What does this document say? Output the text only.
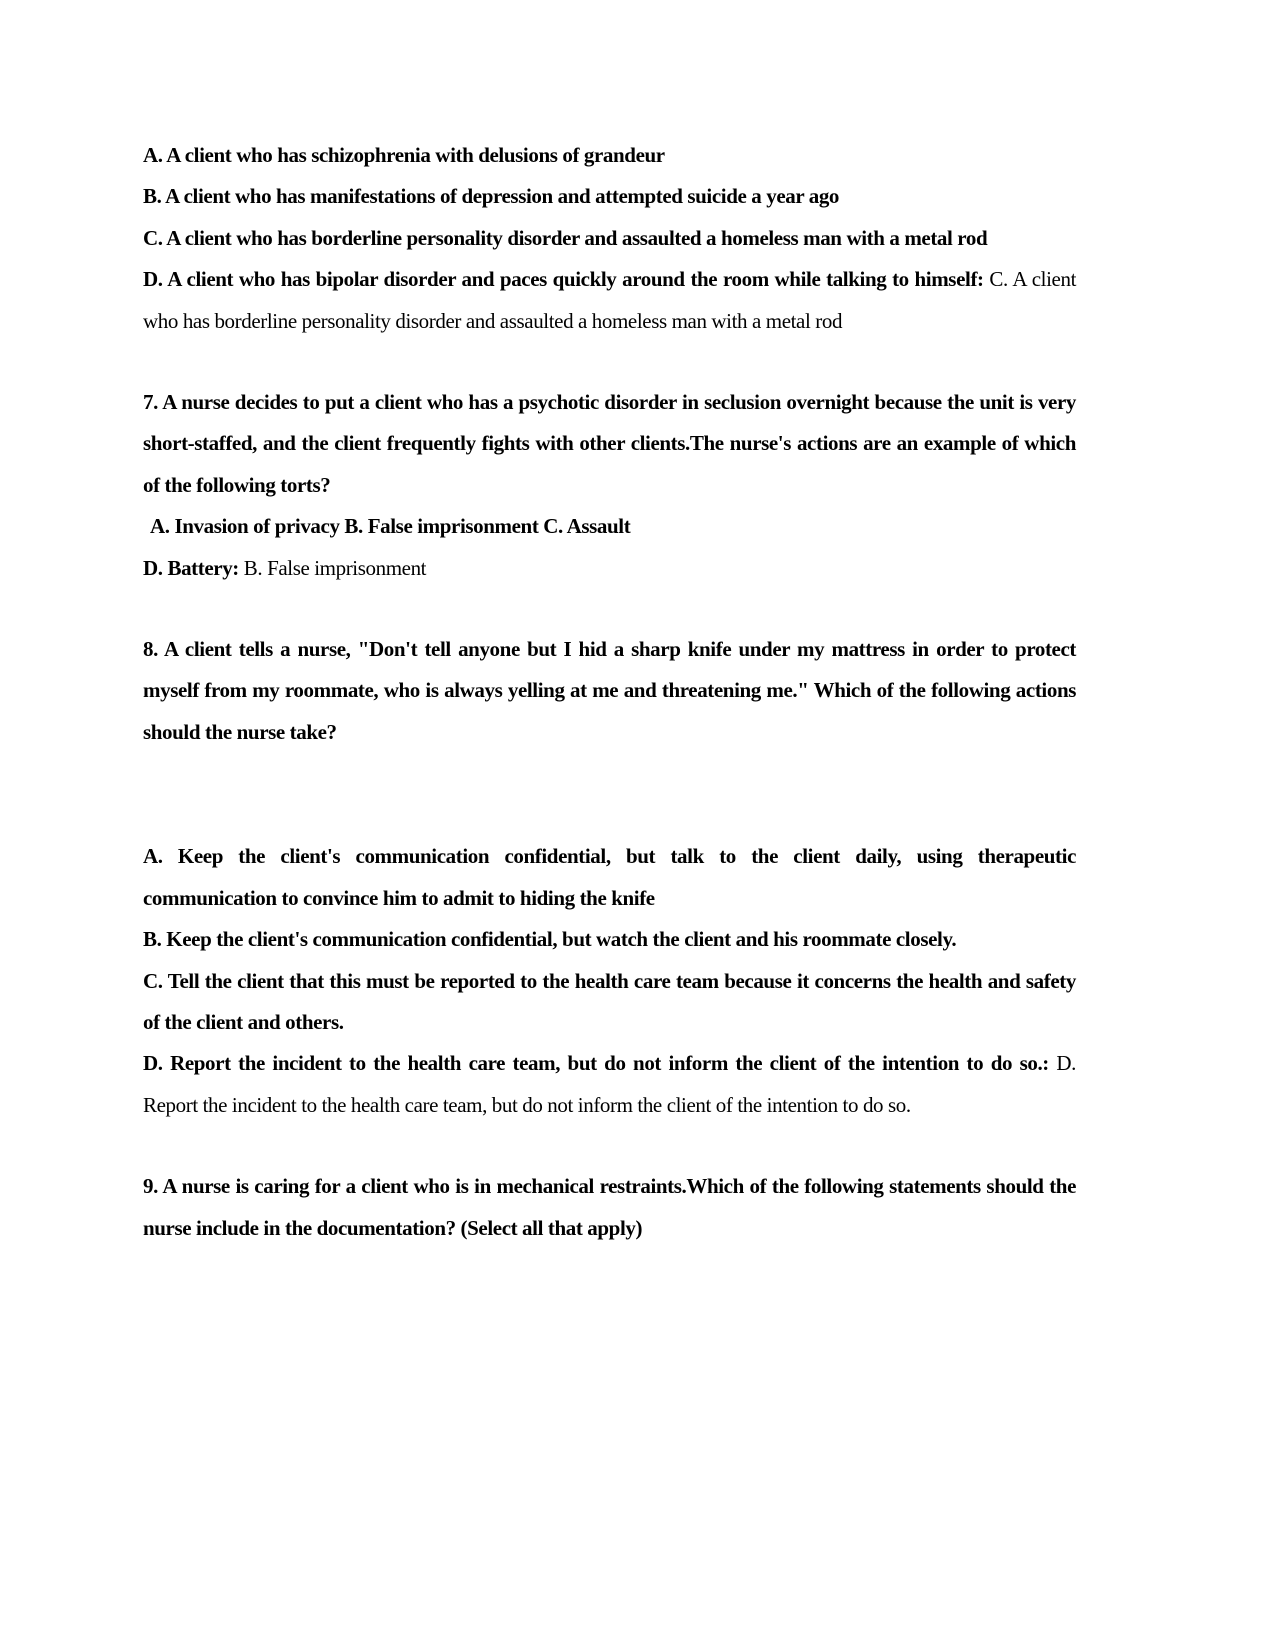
A. A client who has schizophrenia with delusions of grandeur

B. A client who has manifestations of depression and attempted suicide a year ago

C. A client who has borderline personality disorder and assaulted a homeless man with a metal rod

D. A client who has bipolar disorder and paces quickly around the room while talking to himself: C. A client who has borderline personality disorder and assaulted a homeless man with a metal rod

7. A nurse decides to put a client who has a psychotic disorder in seclusion overnight because the unit is very short-staffed, and the client frequently fights with other clients.The nurse's actions are an example of which of the following torts?

A. Invasion of privacy B. False imprisonment C. Assault

D. Battery: B. False imprisonment

8. A client tells a nurse, "Don't tell anyone but I hid a sharp knife under my mattress in order to protect myself from my roommate, who is always yelling at me and threatening me." Which of the following actions should the nurse take?

A. Keep the client's communication confidential, but talk to the client daily, using therapeutic communication to convince him to admit to hiding the knife

B. Keep the client's communication confidential, but watch the client and his roommate closely.

C. Tell the client that this must be reported to the health care team because it concerns the health and safety of the client and others.

D. Report the incident to the health care team, but do not inform the client of the intention to do so.: D. Report the incident to the health care team, but do not inform the client of the intention to do so.

9. A nurse is caring for a client who is in mechanical restraints.Which of the following statements should the nurse include in the documentation? (Select all that apply)
